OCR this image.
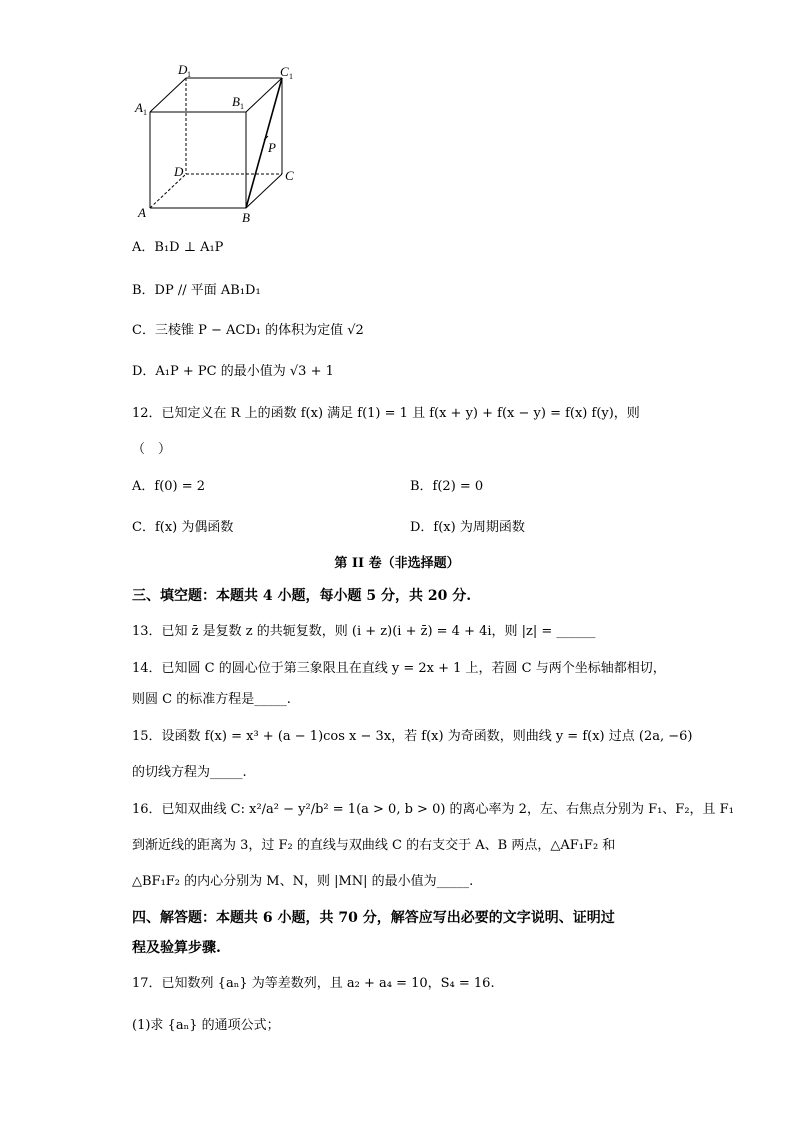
D 1	C 1
A 1
B 1
P
D	C
A	B
A．B₁D ⊥ A₁P
B．DP // 平面 AB₁D₁
C．三棱锥 P − ACD₁ 的体积为定值 √2
D．A₁P + PC 的最小值为 √3 + 1
12．已知定义在 R 上的函数 f(x) 满足 f(1) = 1 且 f(x + y) + f(x − y) = f(x) f(y)，则
（　）
A．f(0) = 2	B．f(2) = 0
C．f(x) 为偶函数	D．f(x) 为周期函数
第 II 卷（非选择题）
三、填空题：本题共 4 小题，每小题 5 分，共 20 分.
13．已知 z̄ 是复数 z 的共轭复数，则 (i + z)(i + z̄) = 4 + 4i，则 |z| = ______
14．已知圆 C 的圆心位于第三象限且在直线 y = 2x + 1 上，若圆 C 与两个坐标轴都相切，
则圆 C 的标准方程是_____.
15．设函数 f(x) = x³ + (a − 1)cos x − 3x，若 f(x) 为奇函数，则曲线 y = f(x) 过点 (2a, −6)
的切线方程为_____.
16．已知双曲线 C: x²/a² − y²/b² = 1(a > 0, b > 0) 的离心率为 2，左、右焦点分别为 F₁、F₂，且 F₁
到渐近线的距离为 3，过 F₂ 的直线与双曲线 C 的右支交于 A、B 两点，△AF₁F₂ 和
△BF₁F₂ 的内心分别为 M、N，则 |MN| 的最小值为_____.
四、解答题：本题共 6 小题，共 70 分，解答应写出必要的文字说明、证明过
程及验算步骤.
17．已知数列 {aₙ} 为等差数列，且 a₂ + a₄ = 10，S₄ = 16.
(1)求 {aₙ} 的通项公式；
